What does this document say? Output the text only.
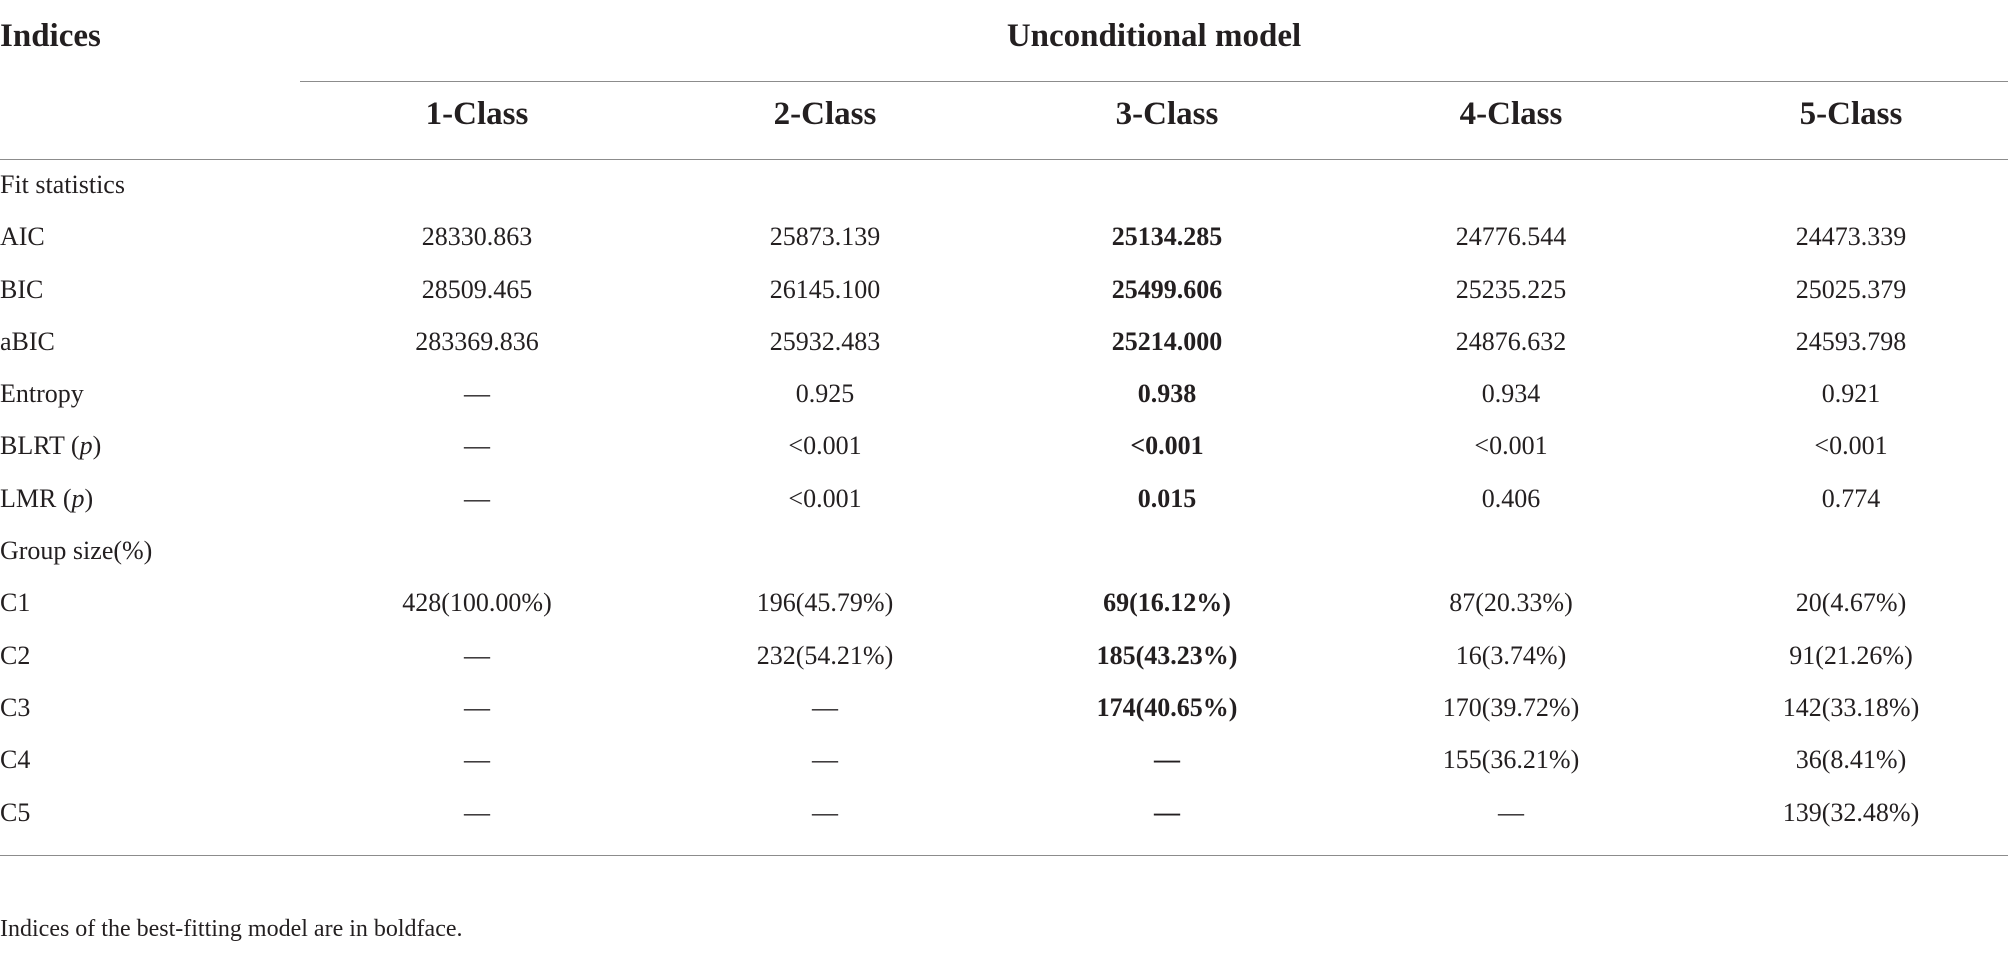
Indices	Unconditional model
1-Class	2-Class	3-Class	4-Class	5-Class
Fit statistics
AIC	28330.863	25873.139	25134.285	24776.544	24473.339
BIC	28509.465	26145.100	25499.606	25235.225	25025.379
aBIC	283369.836	25932.483	25214.000	24876.632	24593.798
Entropy	—	0.925	0.938	0.934	0.921
BLRT (p)	—	<0.001	<0.001	<0.001	<0.001
LMR (p)	—	<0.001	0.015	0.406	0.774
Group size(%)
C1	428(100.00%)	196(45.79%)	69(16.12%)	87(20.33%)	20(4.67%)
C2	—	232(54.21%)	185(43.23%)	16(3.74%)	91(21.26%)
C3	—	—	174(40.65%)	170(39.72%)	142(33.18%)
C4	—	—	—	155(36.21%)	36(8.41%)
C5	—	—	—	—	139(32.48%)
Indices of the best-fitting model are in boldface.
